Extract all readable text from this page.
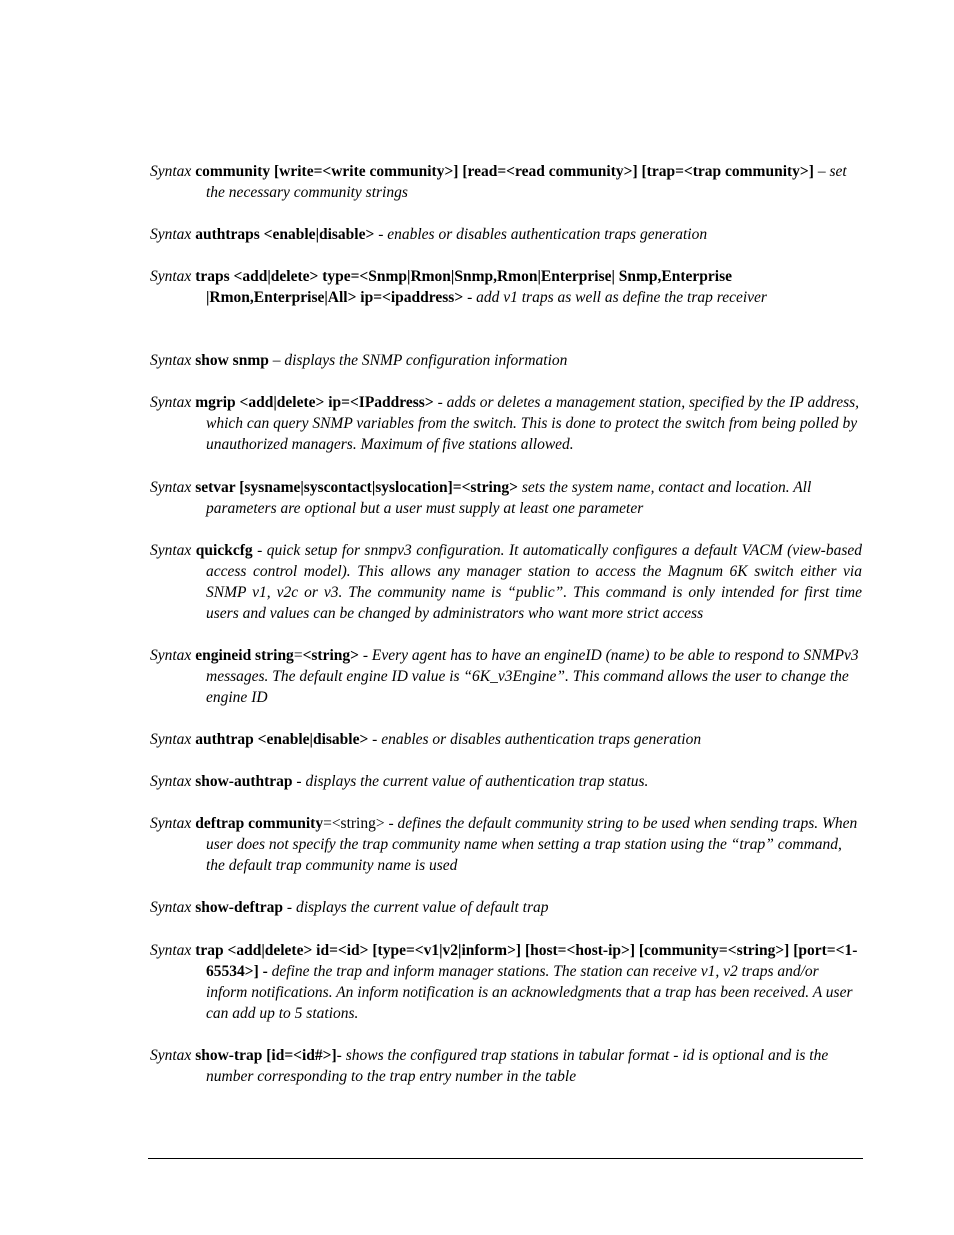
Syntax community [write=<write community>] [read=<read community>] [trap=<trap community>] – set the necessary community strings
Syntax authtraps <enable|disable> - enables or disables authentication traps generation
Syntax traps <add|delete> type=<Snmp|Rmon|Snmp,Rmon|Enterprise| Snmp,Enterprise |Rmon,Enterprise|All> ip=<ipaddress> - add v1 traps as well as define the trap receiver
Syntax show snmp – displays the SNMP configuration information
Syntax mgrip <add|delete> ip=<IPaddress> - adds or deletes a management station, specified by the IP address, which can query SNMP variables from the switch. This is done to protect the switch from being polled by unauthorized managers. Maximum of five stations allowed.
Syntax setvar [sysname|syscontact|syslocation]=<string> sets the system name, contact and location. All parameters are optional but a user must supply at least one parameter
Syntax quickcfg - quick setup for snmpv3 configuration. It automatically configures a default VACM (view-based access control model). This allows any manager station to access the Magnum 6K switch either via SNMP v1, v2c or v3. The community name is “public”. This command is only intended for first time users and values can be changed by administrators who want more strict access
Syntax engineid string=<string> - Every agent has to have an engineID (name) to be able to respond to SNMPv3 messages. The default engine ID value is “6K_v3Engine”. This command allows the user to change the engine ID
Syntax authtrap <enable|disable> - enables or disables authentication traps generation
Syntax show-authtrap - displays the current value of authentication trap status.
Syntax deftrap community=<string> - defines the default community string to be used when sending traps. When user does not specify the trap community name when setting a trap station using the “trap” command, the default trap community name is used
Syntax show-deftrap - displays the current value of default trap
Syntax trap <add|delete> id=<id> [type=<v1|v2|inform>] [host=<host-ip>] [community=<string>] [port=<1-65534>] - define the trap and inform manager stations. The station can receive v1, v2 traps and/or inform notifications. An inform notification is an acknowledgments that a trap has been received. A user can add up to 5 stations.
Syntax show-trap [id=<id#>]- shows the configured trap stations in tabular format - id is optional and is the number corresponding to the trap entry number in the table
